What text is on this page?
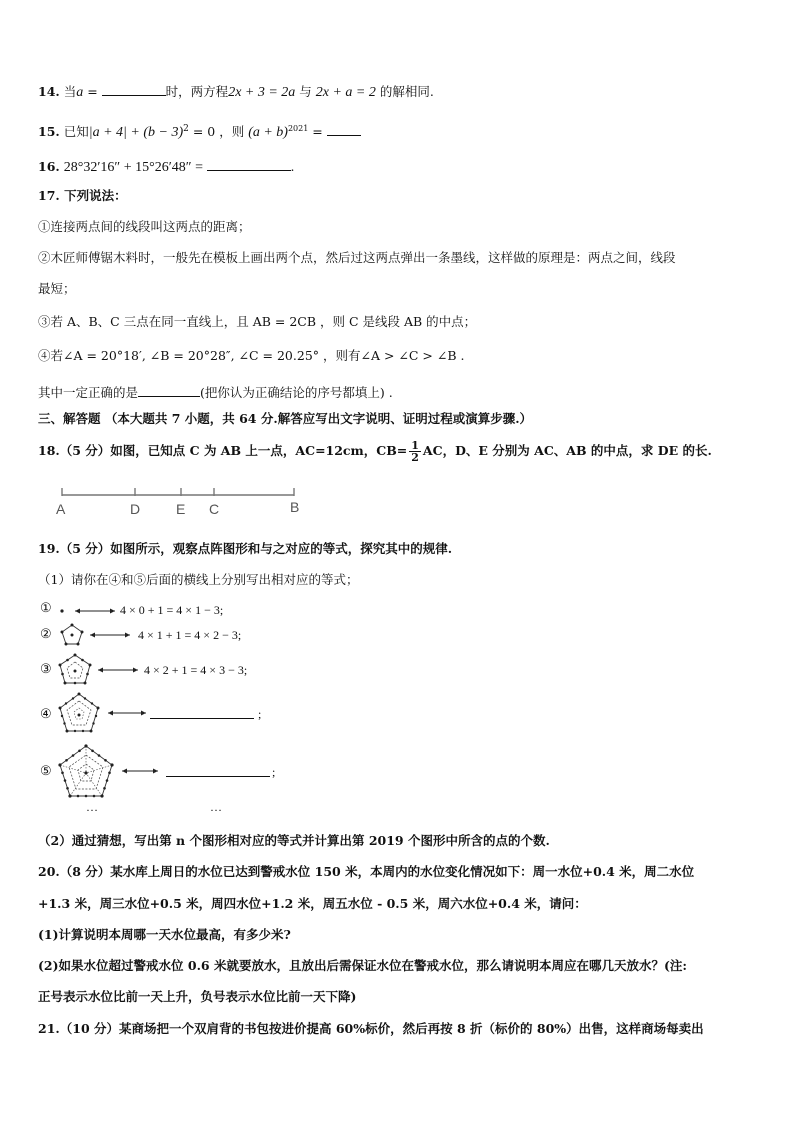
14. 当a =	时，两方程2x + 3 = 2a 与 2x + a = 2 的解相同.
15. 已知$|a + 4| + (b - 3)^2 = 0$ ，则 $(a + b)^{2021}$ =
16. 28°32′16″ + 15°26′48″ =	.
17. 下列说法：
①连接两点间的线段叫这两点的距离；
②木匠师傅锯木料时，一般先在模板上画出两个点，然后过这两点弹出一条墨线，这样做的原理是：两点之间，线段
最短；
③若 A、B、C 三点在同一直线上，且 AB = 2CB ，则 C 是线段 AB 的中点；
④若∠A = 20°18′, ∠B = 20°28″, ∠C = 20.25° ，则有∠A > ∠C > ∠B .
其中一定正确的是	(把你认为正确结论的序号都填上) .
三、解答题 （本大题共 7 小题，共 64 分.解答应写出文字说明、证明过程或演算步骤.）
18.（5 分）如图，已知点 C 为 AB 上一点，AC=12cm，$CB= \frac{1}{2}$ AC，D、E 分别为 AC、AB 的中点，求 DE 的长.
A	D	E C	B
19.（5 分）如图所示，观察点阵图形和与之对应的等式，探究其中的规律.
（1）请你在④和⑤后面的横线上分别写出相对应的等式；
①	4 × 0 + 1 = 4 × 1 − 3;
②	4 × 1 + 1 = 4 × 2 − 3;
③	4 × 2 + 1 = 4 × 3 − 3;
④	;
⑤	;
…	…
（2）通过猜想，写出第 n 个图形相对应的等式并计算出第 2019 个图形中所含的点的个数.
20.（8 分）某水库上周日的水位已达到警戒水位 150 米，本周内的水位变化情况如下：周一水位+0.4 米，周二水位
+1.3 米，周三水位+0.5 米，周四水位+1.2 米，周五水位 - 0.5 米，周六水位+0.4 米，请问：
(1)计算说明本周哪一天水位最高，有多少米?
(2)如果水位超过警戒水位 0.6 米就要放水，且放出后需保证水位在警戒水位，那么请说明本周应在哪几天放水？(注:
正号表示水位比前一天上升，负号表示水位比前一天下降)
21.（10 分）某商场把一个双肩背的书包按进价提高 60%标价，然后再按 8 折（标价的 80%）出售，这样商场每卖出
